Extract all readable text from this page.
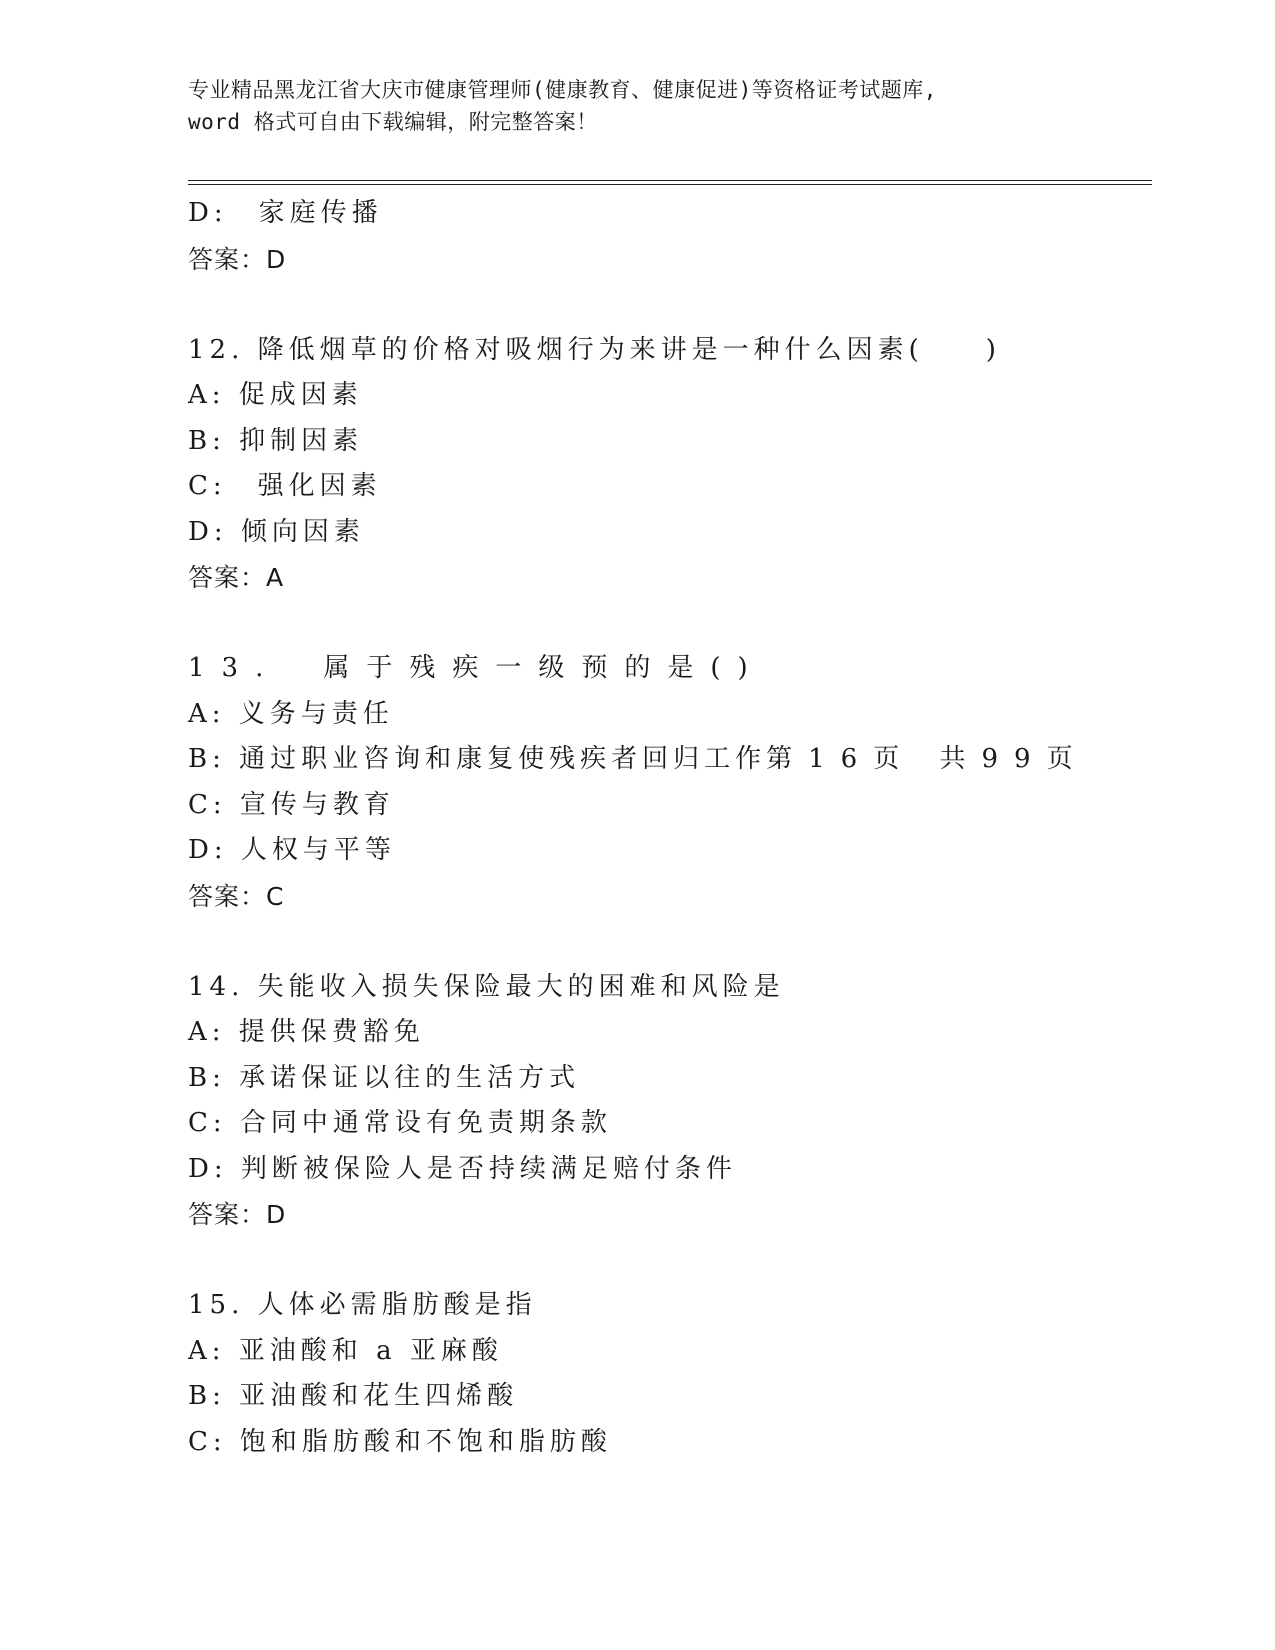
专业精品黑龙江省大庆市健康管理师(健康教育、健康促进)等资格证考试题库,
word 格式可自由下载编辑，附完整答案！
D:　家庭传播
答案：D
12. 降低烟草的价格对吸烟行为来讲是一种什么因素(　　)
A: 促成因素
B: 抑制因素
C:　强化因素
D: 倾向因素
答案：A
13.　属于残疾一级预的是()
A: 义务与责任
B: 通过职业咨询和康复使残疾者回归工作第16页 共99页
C: 宣传与教育
D: 人权与平等
答案：C
14. 失能收入损失保险最大的困难和风险是
A: 提供保费豁免
B: 承诺保证以往的生活方式
C: 合同中通常设有免责期条款
D: 判断被保险人是否持续满足赔付条件
答案：D
15. 人体必需脂肪酸是指
A: 亚油酸和 a 亚麻酸
B: 亚油酸和花生四烯酸
C: 饱和脂肪酸和不饱和脂肪酸
